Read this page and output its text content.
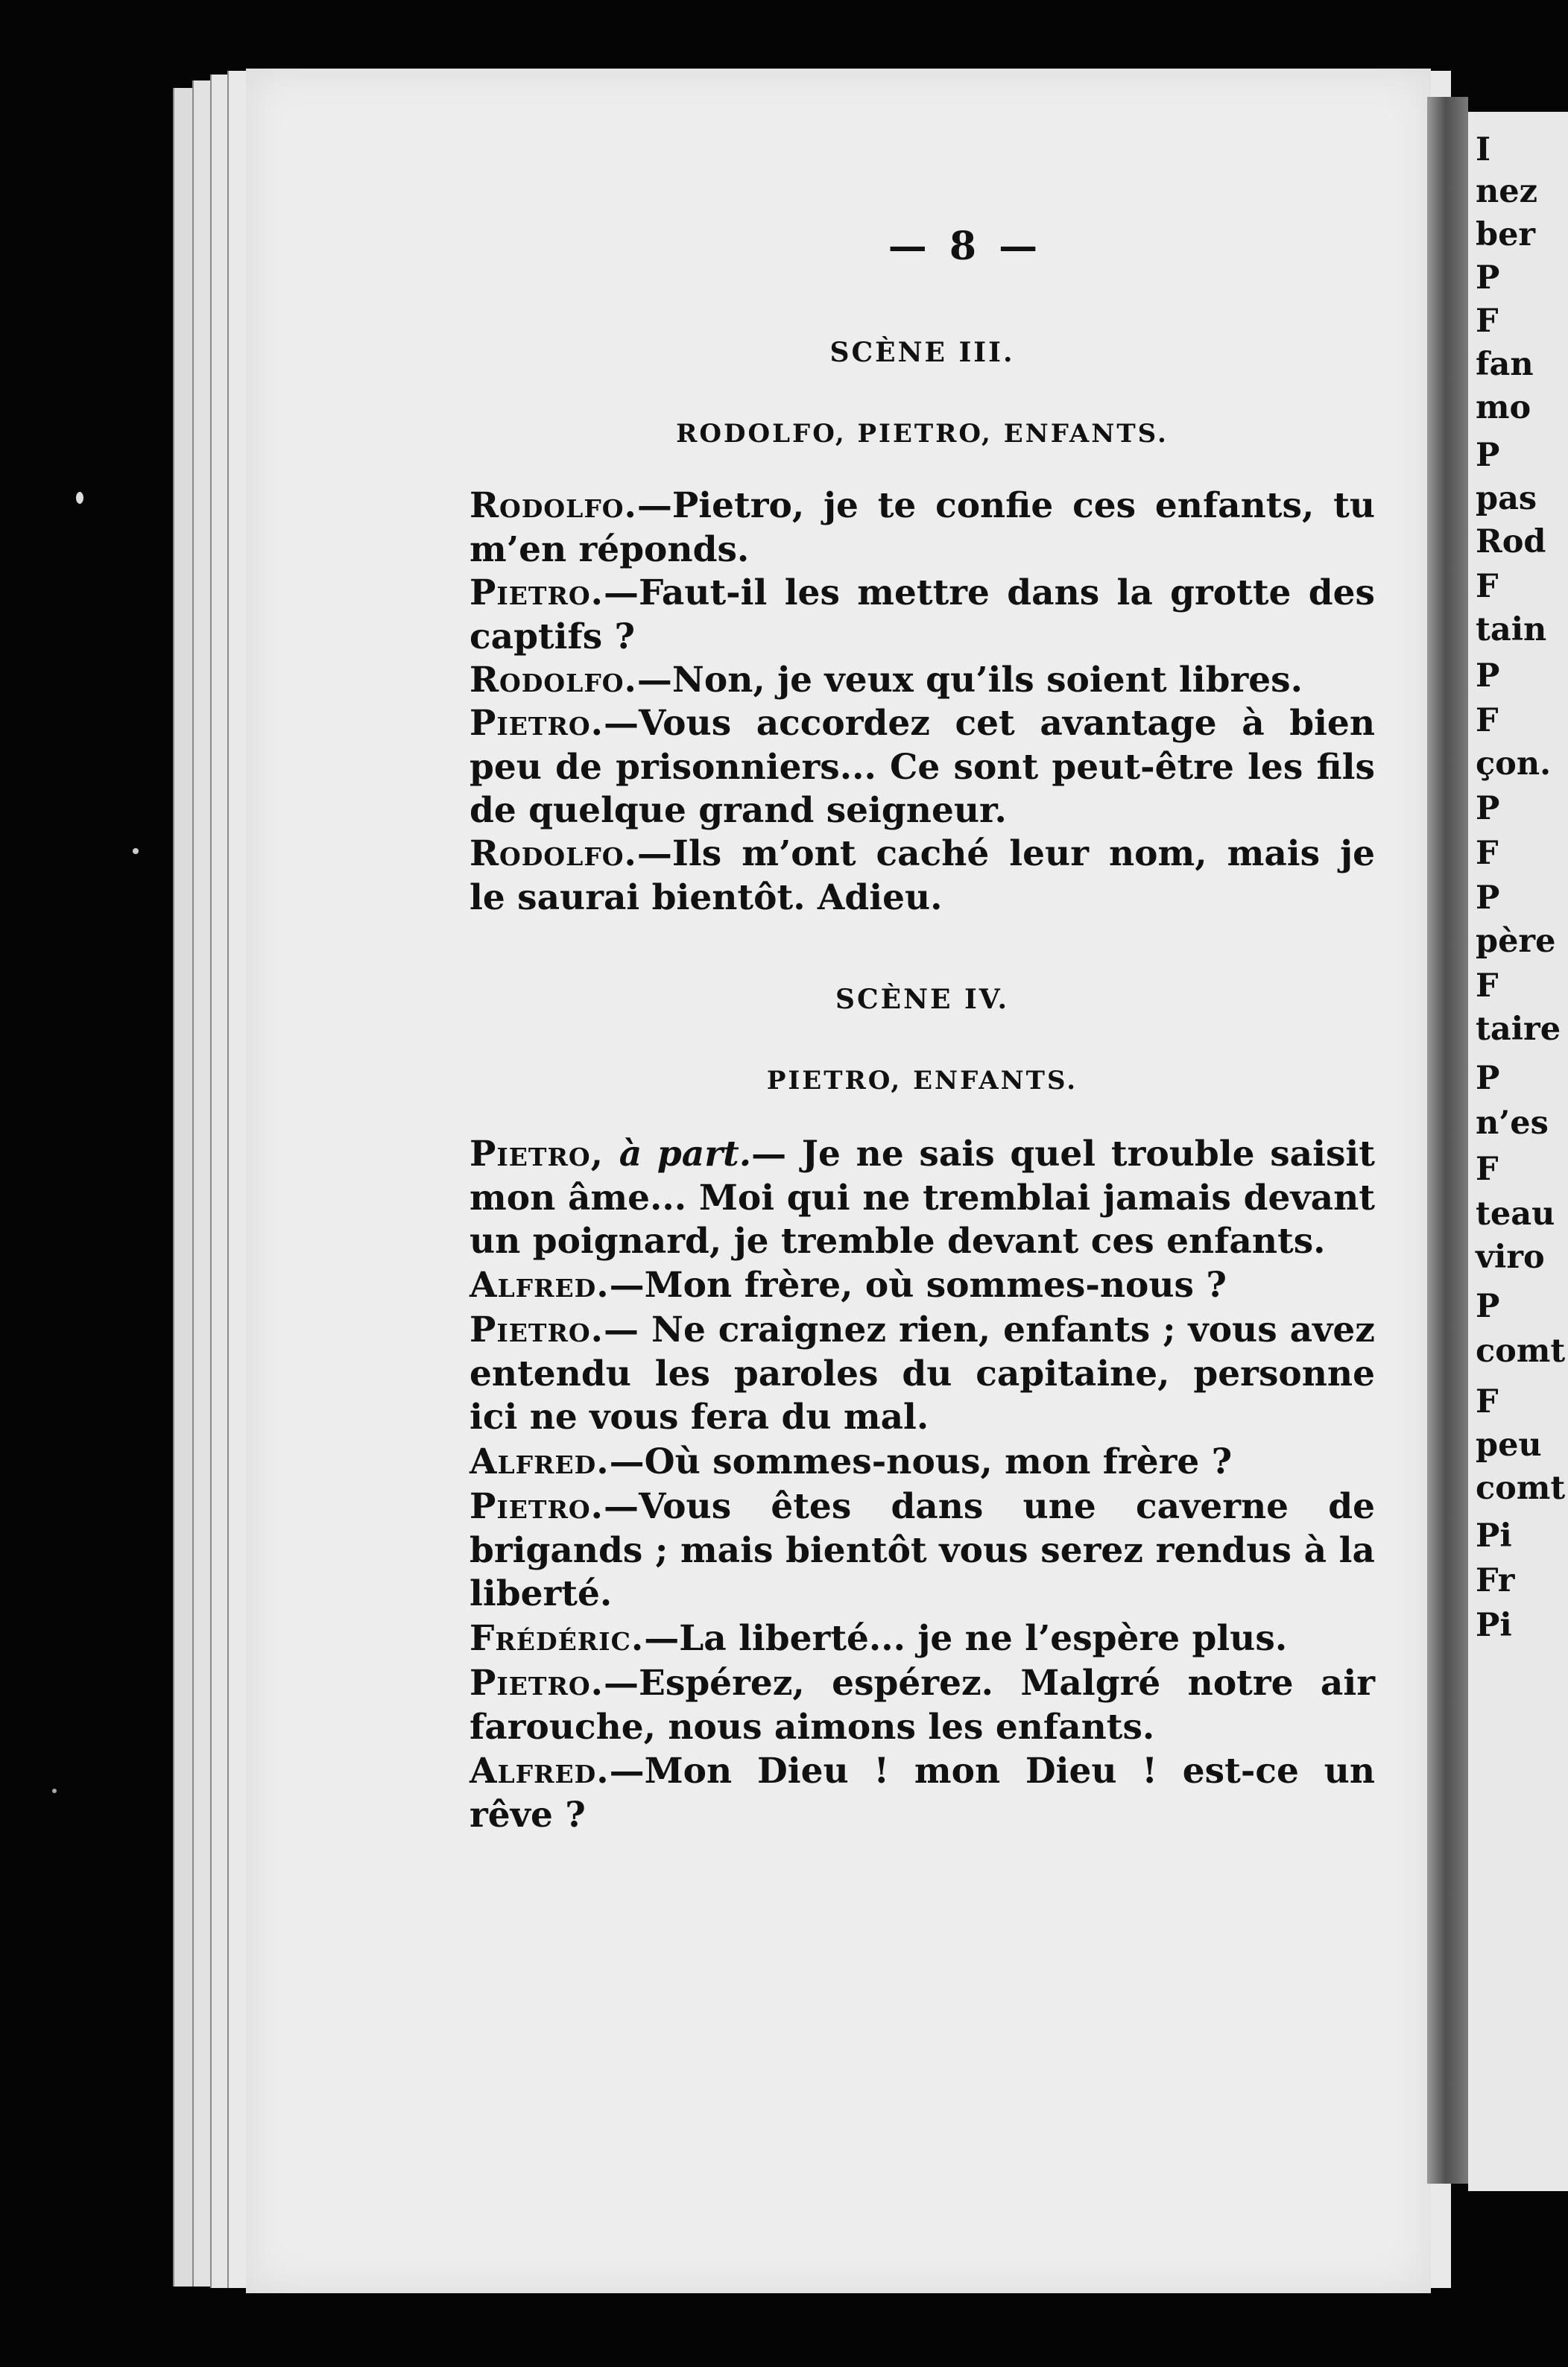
I
nez
ber
P
F
fan
mo
P
pas
Rod
F
tain
P
F
çon.
P
F
P
père
F
taire
P
n’es
F
teau
viro
P
comt
F
peu
comt
Pi
Fr
Pi
— 8 —
SCÈNE III.
RODOLFO, PIETRO, ENFANTS.
Rodolfo.—Pietro, je te confie ces enfants, tu m’en réponds.
Pietro.—Faut-il les mettre dans la grotte des captifs ?
Rodolfo.—Non, je veux qu’ils soient libres.
Pietro.—Vous accordez cet avantage à bien peu de prisonniers... Ce sont peut-être les fils de quelque grand seigneur.
Rodolfo.—Ils m’ont caché leur nom, mais je le saurai bientôt. Adieu.
SCÈNE IV.
PIETRO, ENFANTS.
Pietro, à part.— Je ne sais quel trouble saisit mon âme... Moi qui ne tremblai jamais devant un poignard, je tremble devant ces enfants.
Alfred.—Mon frère, où sommes-nous ?
Pietro.— Ne craignez rien, enfants ; vous avez entendu les paroles du capitaine, personne ici ne vous fera du mal.
Alfred.—Où sommes-nous, mon frère ?
Pietro.—Vous êtes dans une caverne de brigands ; mais bientôt vous serez rendus à la liberté.
Frédéric.—La liberté... je ne l’espère plus.
Pietro.—Espérez, espérez. Malgré notre air farouche, nous aimons les enfants.
Alfred.—Mon Dieu ! mon Dieu ! est-ce un rêve ?
